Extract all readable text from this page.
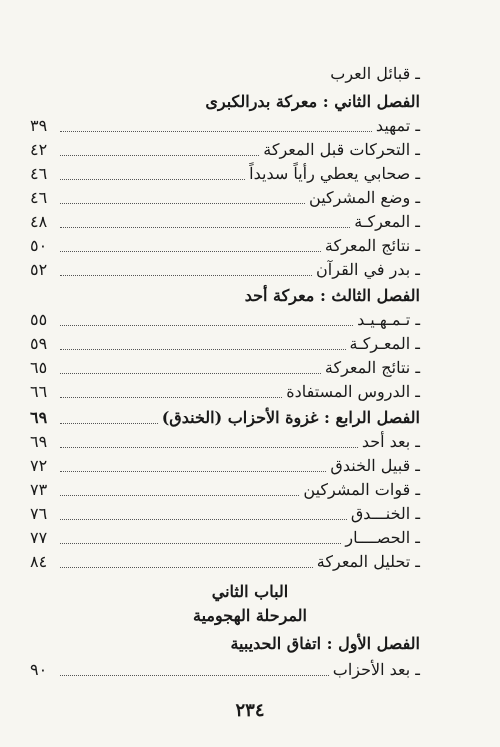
ـ قبائل العرب
الفصل الثاني : معركة بدرالكبرى
ـ تمهيد
٣٩
ـ التحركات قبل المعركة
٤٢
ـ صحابي يعطي رأياً سديداً
٤٦
ـ وضع المشركين
٤٦
ـ المعركـة
٤٨
ـ نتائج المعركة
٥٠
ـ بدر في القرآن
٥٢
الفصل الثالث : معركة أحد
ـ تـمـهـيـد
٥٥
ـ المعـركـة
٥٩
ـ نتائج المعركة
٦٥
ـ الدروس المستفادة
٦٦
الفصل الرابع : غزوة الأحزاب (الخندق)
٦٩
ـ بعد أحد
٦٩
ـ قبيل الخندق
٧٢
ـ قوات المشركين
٧٣
ـ الخنـــدق
٧٦
ـ الحصــــار
٧٧
ـ تحليل المعركة
٨٤
الباب الثاني
المرحلة الهجومية
الفصل الأول : اتفاق الحديبية
ـ بعد الأحزاب
٩٠
٢٣٤
